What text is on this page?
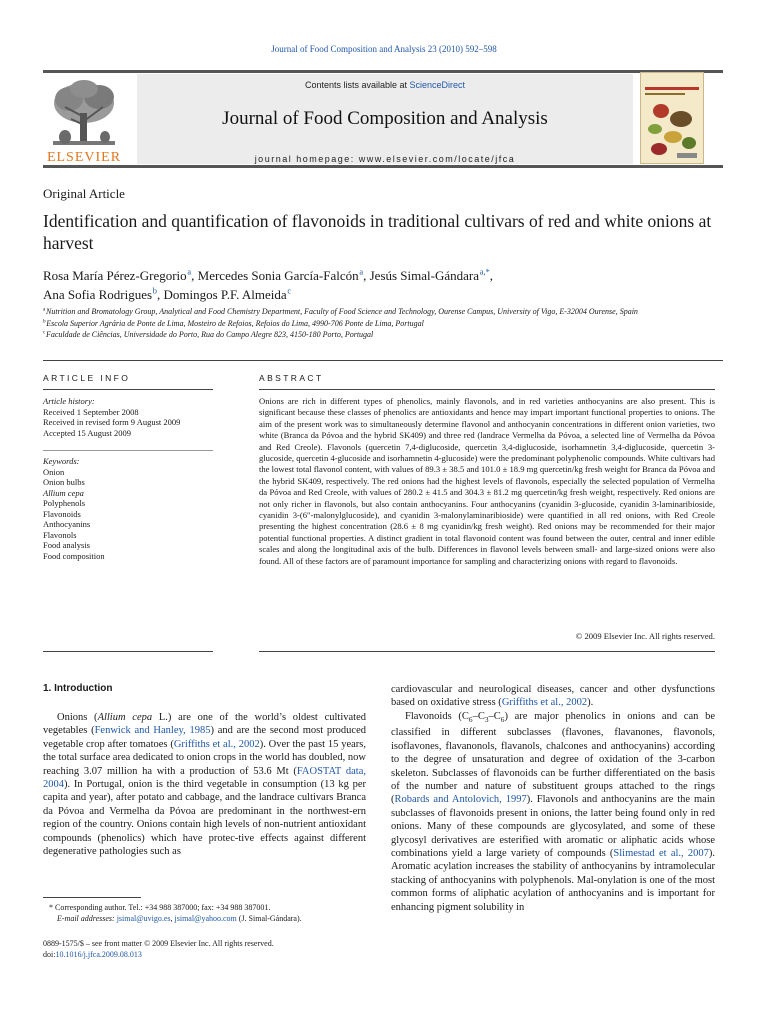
Journal of Food Composition and Analysis 23 (2010) 592–598
ELSEVIER
Contents lists available at ScienceDirect
Journal of Food Composition and Analysis
journal homepage: www.elsevier.com/locate/jfca
Original Article
Identification and quantification of flavonoids in traditional cultivars of red and white onions at harvest
Rosa María Pérez-Gregorio $^a$, Mercedes Sonia García-Falcón $^a$, Jesús Simal-Gándara $^{a,*}$,
Ana Sofia Rodrigues $^b$, Domingos P.F. Almeida $^c$
$^a$ Nutrition and Bromatology Group, Analytical and Food Chemistry Department, Faculty of Food Science and Technology, Ourense Campus, University of Vigo, E-32004 Ourense, Spain
$^b$ Escola Superior Agrária de Ponte de Lima, Mosteiro de Refoios, Refoios do Lima, 4990-706 Ponte de Lima, Portugal
$^c$ Faculdade de Ciências, Universidade do Porto, Rua do Campo Alegre 823, 4150-180 Porto, Portugal
ARTICLE INFO	ABSTRACT
Article history:
Received 1 September 2008
Received in revised form 9 August 2009
Accepted 15 August 2009
Keywords:
Onion
Onion bulbs
Allium cepa
Polyphenols
Flavonoids
Anthocyanins
Flavonols
Food analysis
Food composition
Onions are rich in different types of phenolics, mainly flavonols, and in red varieties anthocyanins are also present. This is significant because these classes of phenolics are antioxidants and hence may impart important functional properties to onions. The aim of the present work was to simultaneously determine flavonol and anthocyanin concentrations in different onion varieties, two white (Branca da Póvoa and the hybrid SK409) and three red (landrace Vermelha da Póvoa, a selected line of Vermelha da Póvoa and Red Creole). Flavonols (quercetin 7,4-diglucoside, quercetin 3,4-diglucoside, isorhamnetin 3,4-diglucoside, quercetin 3-glucoside, quercetin 4-glucoside and isorhamnetin 4-glucoside) were the predominant polyphenolic compounds. White cultivars had the lowest total flavonol content, with values of 89.3 ± 38.5 and 101.0 ± 18.9 mg quercetin/kg fresh weight for Branca da Póvoa and the hybrid SK409, respectively. The red onions had the highest levels of flavonols, especially the selected population of Vermelha da Póvoa and Red Creole, with values of 280.2 ± 41.5 and 304.3 ± 81.2 mg quercetin/kg fresh weight, respectively. Red onions are not only richer in flavonols, but also contain anthocyanins. Four anthocyanins (cyanidin 3-glucoside, cyanidin 3-laminaribioside, cyanidin 3-(6″-malonylglucoside), and cyanidin 3-malonylaminaribioside) were quantified in all red onions, with Red Creole presenting the highest concentration (28.6 ± 8 mg cyanidin/kg fresh weight). Red onions may be recommended for their major potential functional properties. A distinct gradient in total flavonoid content was found between the outer, central and inner edible scales and along the longitudinal axis of the bulb. Differences in flavonol levels between small- and large-sized onions were also found. All of these factors are of paramount importance for sampling and characterizing onions with regard to flavonoids.
© 2009 Elsevier Inc. All rights reserved.
1. Introduction

Onions (Allium cepa L.) are one of the world’s oldest cultivated vegetables (Fenwick and Hanley, 1985) and are the second most produced vegetable crop after tomatoes (Griffiths et al., 2002). Over the past 15 years, the total surface area dedicated to onion crops in the world has doubled, now reaching 3.07 million ha with a production of 53.6 Mt (FAOSTAT data, 2004). In Portugal, onion is the third vegetable in consumption (13 kg per capita and year), after potato and cabbage, and the landrace cultivars Branca da Póvoa and Vermelha da Póvoa are predominant in the northwest-ern region of the country. Onions contain high levels of non-nutrient antioxidant compounds (phenolics) which have protec-tive effects against different degenerative pathologies such as

cardiovascular and neurological diseases, cancer and other dysfunctions based on oxidative stress (Griffiths et al., 2002).

Flavonoids $(C_6-C_3-C_6)$ are major phenolics in onions and can be classified in different subclasses (flavones, flavanones, flavonols, isoflavones, flavanonols, flavanols, chalcones and anthocyanins) according to the degree of unsaturation and degree of oxidation of the 3-carbon skeleton. Subclasses of flavonoids can be further differentiated on the basis of the number and nature of substituent groups attached to the rings (Robards and Antolovich, 1997). Flavonols and anthocyanins are the main subclasses of flavonoids present in onions, the latter being found only in red onions. Many of these compounds are glycosylated, and some of these glycosyl derivatives are esterified with aromatic or aliphatic acids whose combinations yield a large variety of compounds (Slimestad et al., 2007). Aromatic acylation increases the stability of anthocyanins by intramolecular stacking of anthocyanins with polyphenols. Mal-onylation is one of the most common forms of aliphatic acylation of anthocyanins and is important for enhancing pigment solubility in

* Corresponding author. Tel.: +34 988 387000; fax: +34 988 387001.
E-mail addresses: jsimal@uvigo.es, jsimal@yahoo.com (J. Simal-Gándara).
0889-1575/$ – see front matter © 2009 Elsevier Inc. All rights reserved.
doi:10.1016/j.jfca.2009.08.013
